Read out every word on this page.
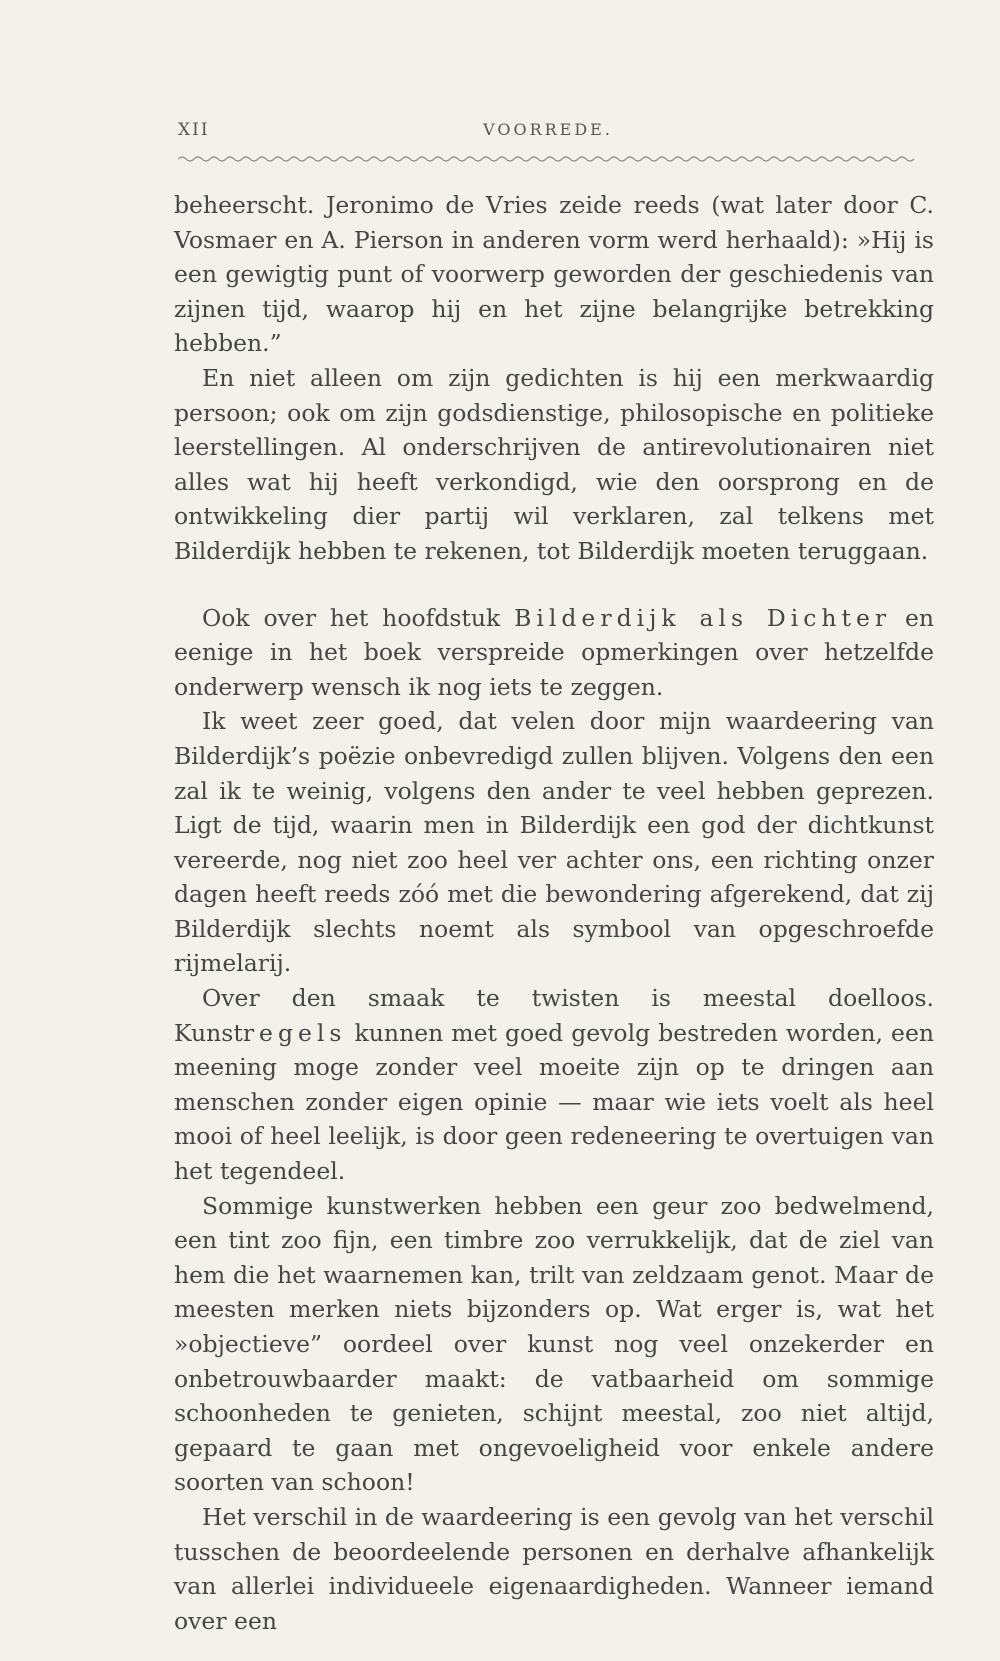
XII	VOORREDE.

beheerscht. Jeronimo de Vries zeide reeds (wat later door C. Vosmaer en A. Pierson in anderen vorm werd herhaald): »Hij is een gewigtig punt of voorwerp geworden der geschiedenis van zijnen tijd, waarop hij en het zijne belangrijke betrekking hebben.”

En niet alleen om zijn gedichten is hij een merkwaardig persoon; ook om zijn godsdienstige, philosopische en politieke leerstellingen. Al onderschrijven de antirevolutionairen niet alles wat hij heeft verkondigd, wie den oorsprong en de ontwikkeling dier partij wil verklaren, zal telkens met Bilderdijk hebben te rekenen, tot Bilderdijk moeten teruggaan.

Ook over het hoofdstuk Bilderdijk als Dichter en eenige in het boek verspreide opmerkingen over hetzelfde onderwerp wensch ik nog iets te zeggen.

Ik weet zeer goed, dat velen door mijn waardeering van Bilderdijk’s poëzie onbevredigd zullen blijven. Volgens den een zal ik te weinig, volgens den ander te veel hebben geprezen. Ligt de tijd, waarin men in Bilderdijk een god der dichtkunst vereerde, nog niet zoo heel ver achter ons, een richting onzer dagen heeft reeds zóó met die bewondering afgerekend, dat zij Bilderdijk slechts noemt als symbool van opgeschroefde rijmelarij.

Over den smaak te twisten is meestal doelloos. Kunstregels kunnen met goed gevolg bestreden worden, een meening moge zonder veel moeite zijn op te dringen aan menschen zonder eigen opinie — maar wie iets voelt als heel mooi of heel leelijk, is door geen redeneering te overtuigen van het tegendeel.

Sommige kunstwerken hebben een geur zoo bedwelmend, een tint zoo fijn, een timbre zoo verrukkelijk, dat de ziel van hem die het waarnemen kan, trilt van zeldzaam genot. Maar de meesten merken niets bijzonders op. Wat erger is, wat het »objectieve” oordeel over kunst nog veel onzekerder en onbetrouwbaarder maakt: de vatbaarheid om sommige schoonheden te genieten, schijnt meestal, zoo niet altijd, gepaard te gaan met ongevoeligheid voor enkele andere soorten van schoon!

Het verschil in de waardeering is een gevolg van het verschil tusschen de beoordeelende personen en derhalve afhankelijk van allerlei individueele eigenaardigheden. Wanneer iemand over een
